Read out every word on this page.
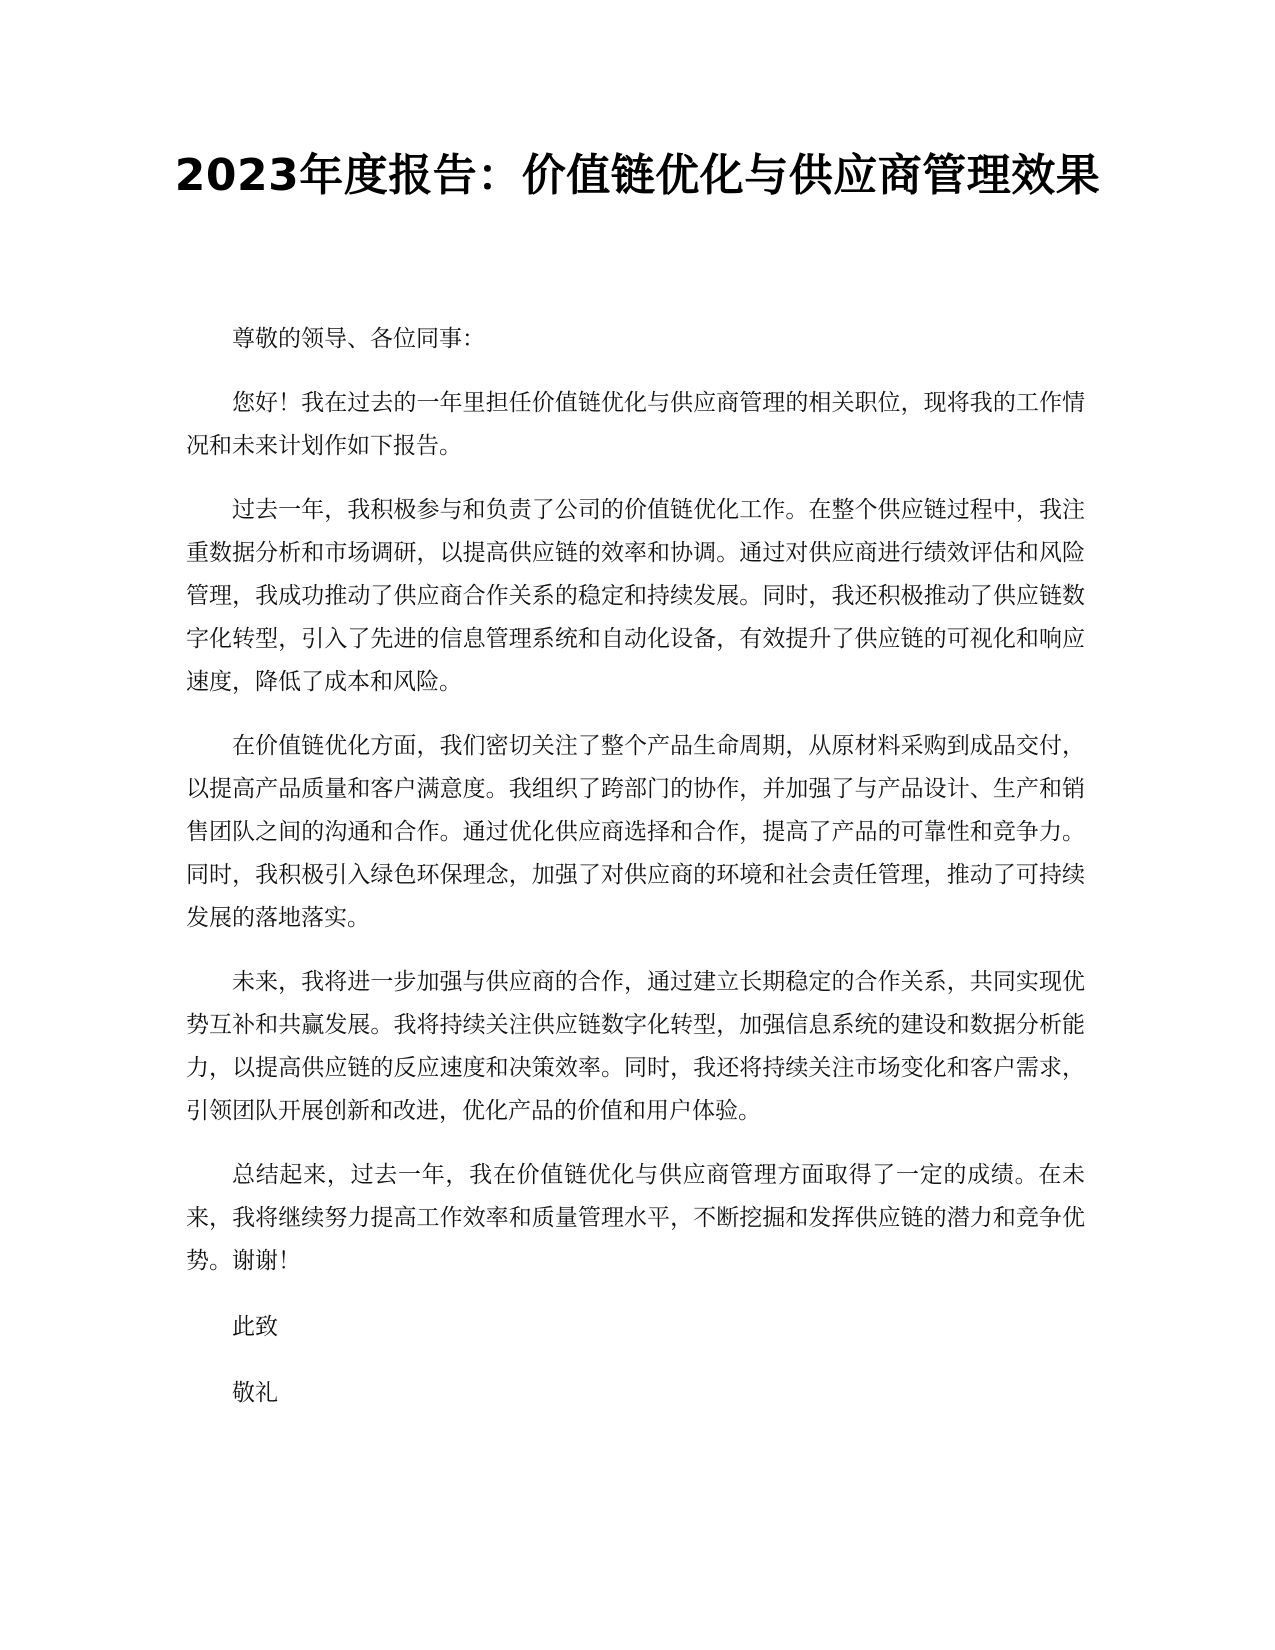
2023年度报告：价值链优化与供应商管理效果

尊敬的领导、各位同事：

您好！我在过去的一年里担任价值链优化与供应商管理的相关职位，现将我的工作情况和未来计划作如下报告。

过去一年，我积极参与和负责了公司的价值链优化工作。在整个供应链过程中，我注重数据分析和市场调研，以提高供应链的效率和协调。通过对供应商进行绩效评估和风险管理，我成功推动了供应商合作关系的稳定和持续发展。同时，我还积极推动了供应链数字化转型，引入了先进的信息管理系统和自动化设备，有效提升了供应链的可视化和响应速度，降低了成本和风险。

在价值链优化方面，我们密切关注了整个产品生命周期，从原材料采购到成品交付，以提高产品质量和客户满意度。我组织了跨部门的协作，并加强了与产品设计、生产和销售团队之间的沟通和合作。通过优化供应商选择和合作，提高了产品的可靠性和竞争力。同时，我积极引入绿色环保理念，加强了对供应商的环境和社会责任管理，推动了可持续发展的落地落实。

未来，我将进一步加强与供应商的合作，通过建立长期稳定的合作关系，共同实现优势互补和共赢发展。我将持续关注供应链数字化转型，加强信息系统的建设和数据分析能力，以提高供应链的反应速度和决策效率。同时，我还将持续关注市场变化和客户需求，引领团队开展创新和改进，优化产品的价值和用户体验。

总结起来，过去一年，我在价值链优化与供应商管理方面取得了一定的成绩。在未来，我将继续努力提高工作效率和质量管理水平，不断挖掘和发挥供应链的潜力和竞争优势。谢谢！

此致

敬礼
